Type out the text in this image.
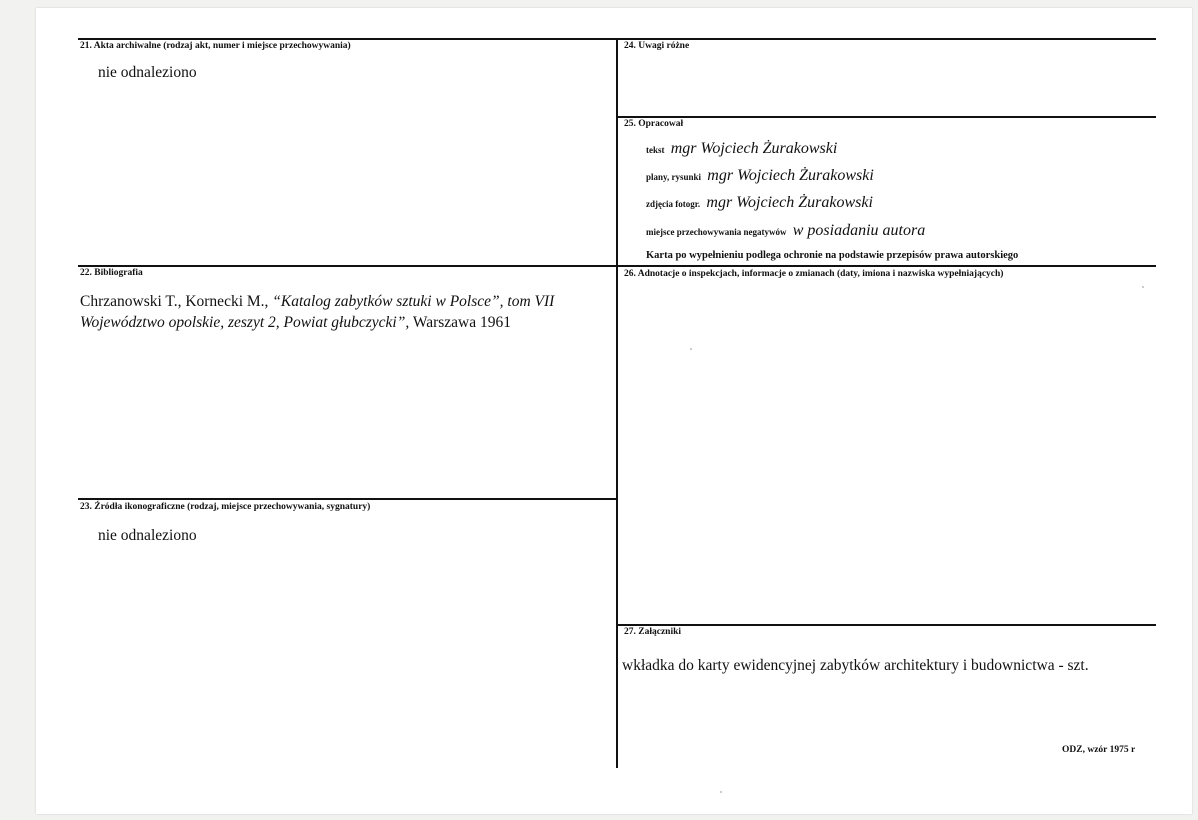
21. Akta archiwalne (rodzaj akt, numer i miejsce przechowywania)
nie odnaleziono
24. Uwagi różne
25. Opracował
tekst mgr Wojciech Żurakowski
plany, rysunki mgr Wojciech Żurakowski
zdjęcia fotogr. mgr Wojciech Żurakowski
miejsce przechowywania negatywów w posiadaniu autora
Karta po wypełnieniu podlega ochronie na podstawie przepisów prawa autorskiego
22. Bibliografia
Chrzanowski T., Kornecki M., “Katalog zabytków sztuki w Polsce”, tom VII
Województwo opolskie, zeszyt 2, Powiat głubczycki”, Warszawa 1961
26. Adnotacje o inspekcjach, informacje o zmianach (daty, imiona i nazwiska wypełniających)
23. Źródła ikonograficzne (rodzaj, miejsce przechowywania, sygnatury)
nie odnaleziono
27. Załączniki
wkładka do karty ewidencyjnej zabytków architektury i budownictwa - szt.
ODZ, wzór 1975 r
